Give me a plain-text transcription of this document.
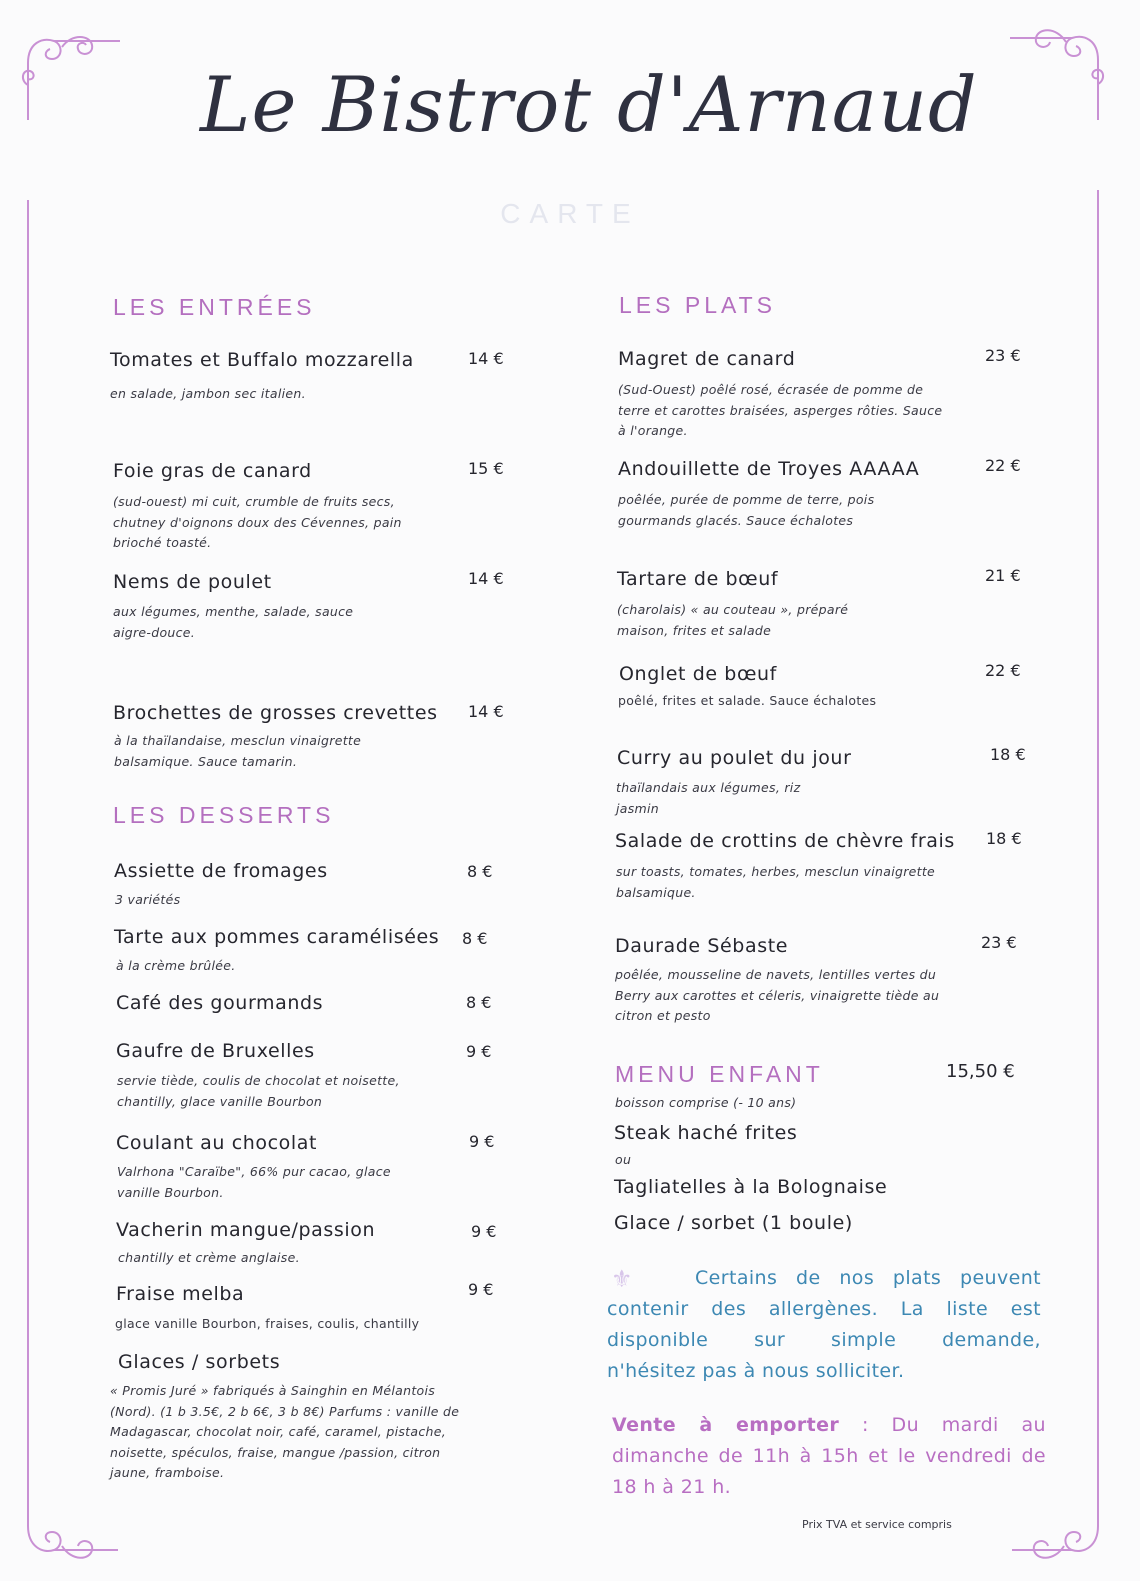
Le Bistrot d'Arnaud
CARTE
LES ENTRÉES
Tomates et Buffalo mozzarella	14 €
en salade, jambon sec italien.
Foie gras de canard	15 €
(sud-ouest) mi cuit, crumble de fruits secs, chutney d'oignons doux des Cévennes, pain brioché toasté.
Nems de poulet	14 €
aux légumes, menthe, salade, sauce aigre-douce.
Brochettes de grosses crevettes 14 €
à la thaïlandaise, mesclun vinaigrette balsamique. Sauce tamarin.
LES DESSERTS
Assiette de fromages	8 €
3 variétés
Tarte aux pommes caramélisées 8 €
à la crème brûlée.
Café des gourmands	8 €
Gaufre de Bruxelles	9 €
servie tiède, coulis de chocolat et noisette, chantilly, glace vanille Bourbon
Coulant au chocolat	9 €
Valrhona "Caraïbe", 66% pur cacao, glace vanille Bourbon.
Vacherin mangue/passion	9 €
chantilly et crème anglaise.
Fraise melba	9 €
glace vanille Bourbon, fraises, coulis, chantilly
Glaces / sorbets
« Promis Juré » fabriqués à Sainghin en Mélantois (Nord). (1 b 3.5€, 2 b 6€, 3 b 8€) Parfums : vanille de Madagascar, chocolat noir, café, caramel, pistache, noisette, spéculos, fraise, mangue /passion, citron jaune, framboise.
LES PLATS
Magret de canard	23 €
(Sud-Ouest) poêlé rosé, écrasée de pomme de terre et carottes braisées, asperges rôties. Sauce à l'orange.
Andouillette de Troyes AAAAA	22 €
poêlée, purée de pomme de terre, pois gourmands glacés. Sauce échalotes
Tartare de bœuf	21 €
(charolais) « au couteau », préparé maison, frites et salade
Onglet de bœuf	22 €
poêlé, frites et salade. Sauce échalotes
Curry au poulet du jour	18 €
thaïlandais aux légumes, riz jasmin
Salade de crottins de chèvre frais 18 €
sur toasts, tomates, herbes, mesclun vinaigrette balsamique.
Daurade Sébaste	23 €
poêlée, mousseline de navets, lentilles vertes du Berry aux carottes et céleris, vinaigrette tiède au citron et pesto
MENU ENFANT	15,50 €
boisson comprise (- 10 ans)
Steak haché frites
ou
Tagliatelles à la Bolognaise
Glace / sorbet (1 boule)
⚜	Certains de nos plats peuvent
contenir des allergènes. La liste est
disponible sur simple demande,
n'hésitez pas à nous solliciter.
Vente à emporter : Du mardi au dimanche de 11h à 15h et le vendredi de 18 h à 21 h.
Prix TVA et service compris
